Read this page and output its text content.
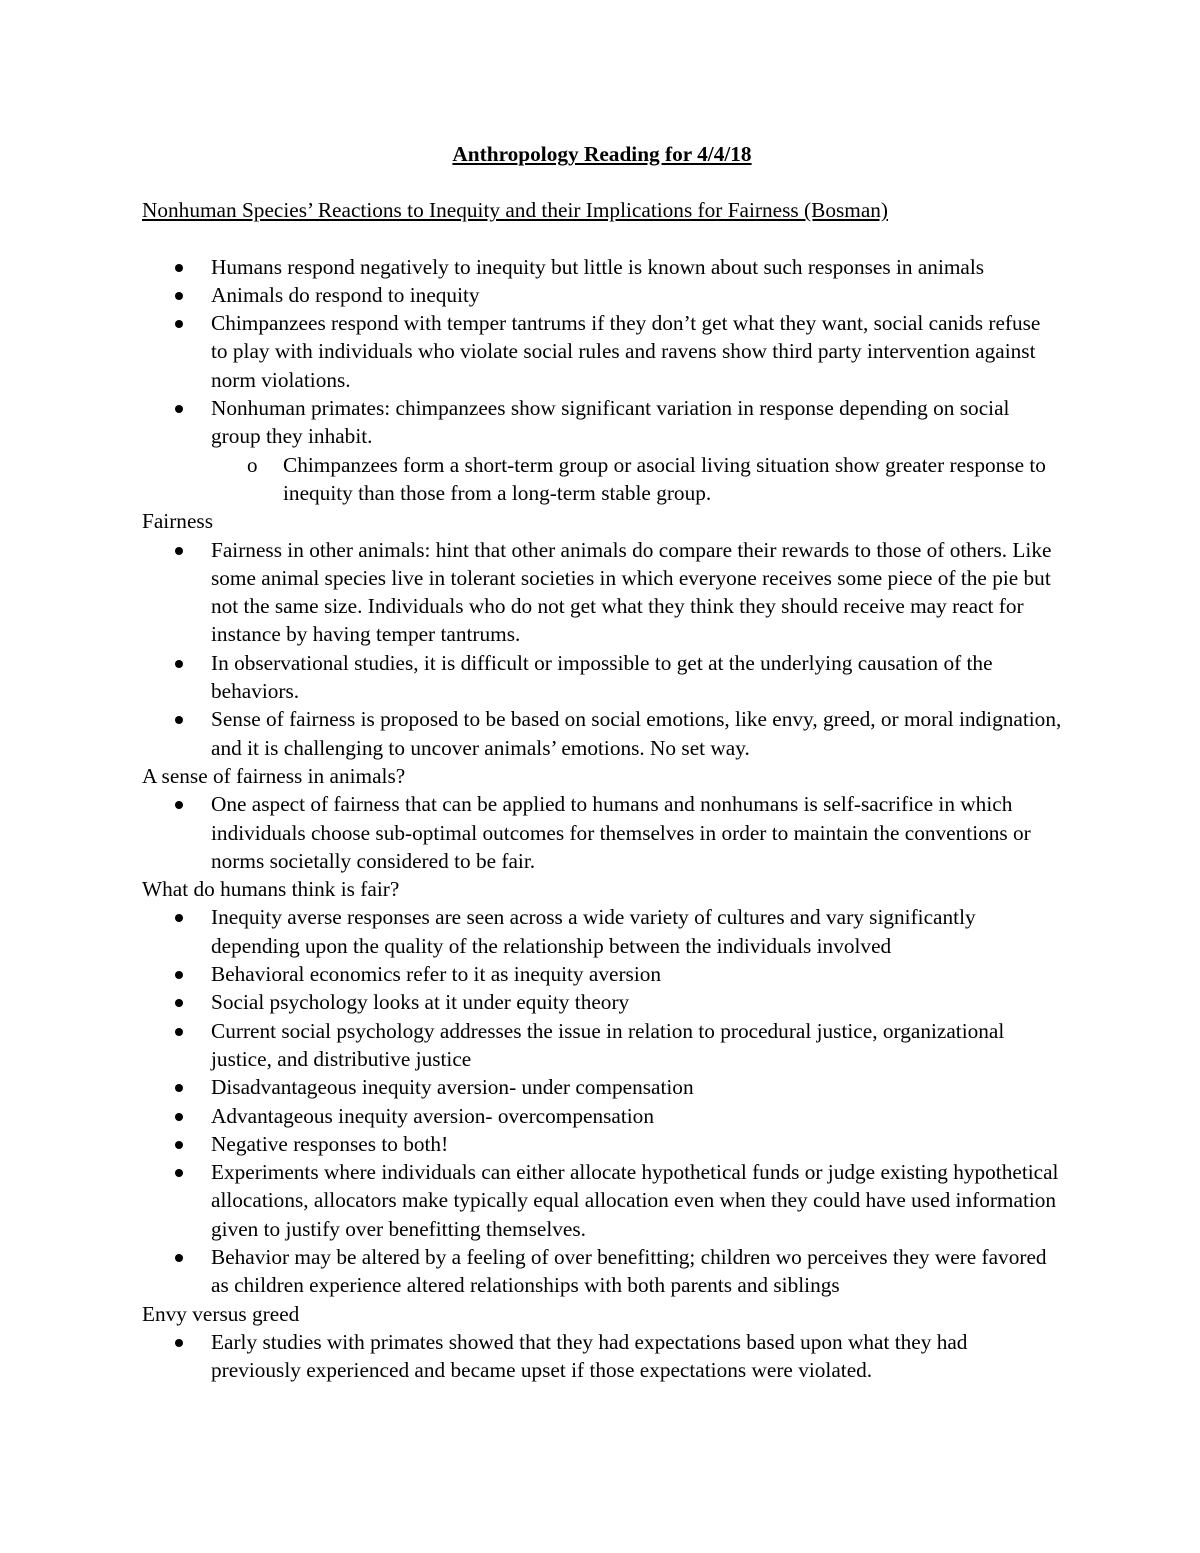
Anthropology Reading for 4/4/18

Nonhuman Species’ Reactions to Inequity and their Implications for Fairness (Bosman)

Humans respond negatively to inequity but little is known about such responses in animals
Animals do respond to inequity
Chimpanzees respond with temper tantrums if they don’t get what they want, social canids refuse to play with individuals who violate social rules and ravens show third party intervention against norm violations.
Nonhuman primates: chimpanzees show significant variation in response depending on social group they inhabit.
o Chimpanzees form a short-term group or asocial living situation show greater response to inequity than those from a long-term stable group.

Fairness

Fairness in other animals: hint that other animals do compare their rewards to those of others. Like some animal species live in tolerant societies in which everyone receives some piece of the pie but not the same size. Individuals who do not get what they think they should receive may react for instance by having temper tantrums.
In observational studies, it is difficult or impossible to get at the underlying causation of the behaviors.
Sense of fairness is proposed to be based on social emotions, like envy, greed, or moral indignation, and it is challenging to uncover animals’ emotions. No set way.

A sense of fairness in animals?

One aspect of fairness that can be applied to humans and nonhumans is self-sacrifice in which individuals choose sub-optimal outcomes for themselves in order to maintain the conventions or norms societally considered to be fair.

What do humans think is fair?

Inequity averse responses are seen across a wide variety of cultures and vary significantly depending upon the quality of the relationship between the individuals involved
Behavioral economics refer to it as inequity aversion
Social psychology looks at it under equity theory
Current social psychology addresses the issue in relation to procedural justice, organizational justice, and distributive justice
Disadvantageous inequity aversion- under compensation
Advantageous inequity aversion- overcompensation
Negative responses to both!
Experiments where individuals can either allocate hypothetical funds or judge existing hypothetical allocations, allocators make typically equal allocation even when they could have used information given to justify over benefitting themselves.
Behavior may be altered by a feeling of over benefitting; children wo perceives they were favored as children experience altered relationships with both parents and siblings

Envy versus greed

Early studies with primates showed that they had expectations based upon what they had previously experienced and became upset if those expectations were violated.
